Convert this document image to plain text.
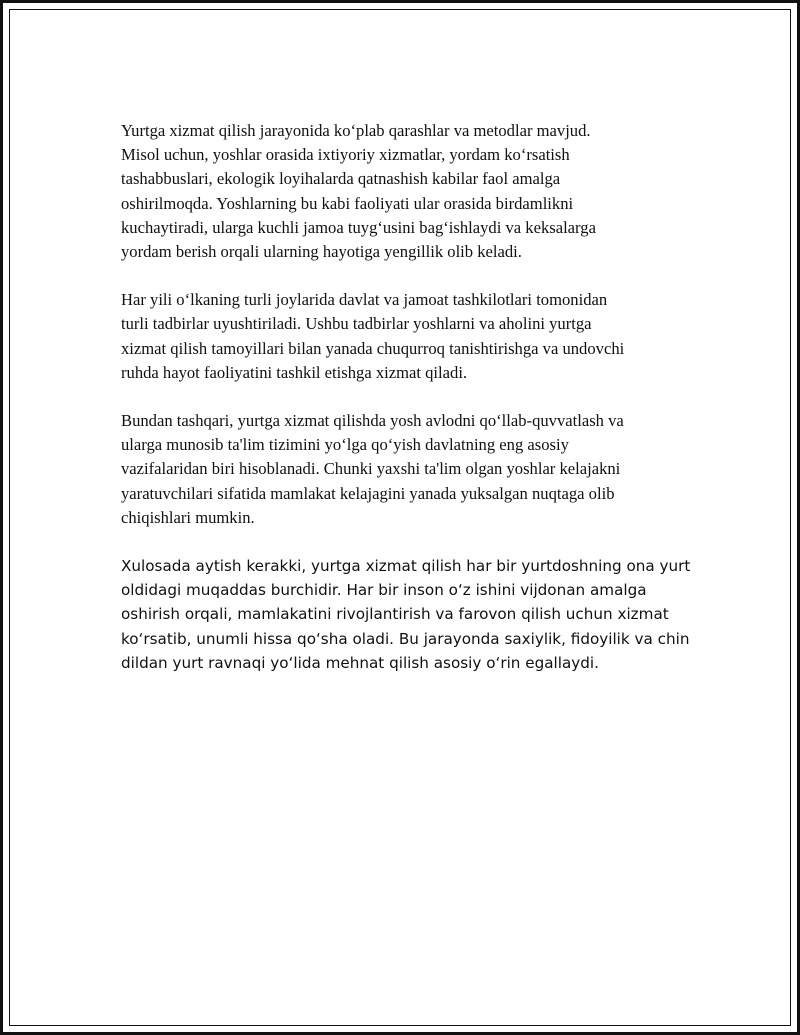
Yurtga xizmat qilish jarayonida ko‘plab qarashlar va metodlar mavjud.
Misol uchun, yoshlar orasida ixtiyoriy xizmatlar, yordam ko‘rsatish
tashabbuslari, ekologik loyihalarda qatnashish kabilar faol amalga
oshirilmoqda. Yoshlarning bu kabi faoliyati ular orasida birdamlikni
kuchaytiradi, ularga kuchli jamoa tuyg‘usini bag‘ishlaydi va keksalarga
yordam berish orqali ularning hayotiga yengillik olib keladi.

Har yili o‘lkaning turli joylarida davlat va jamoat tashkilotlari tomonidan
turli tadbirlar uyushtiriladi. Ushbu tadbirlar yoshlarni va aholini yurtga
xizmat qilish tamoyillari bilan yanada chuqurroq tanishtirishga va undovchi
ruhda hayot faoliyatini tashkil etishga xizmat qiladi.

Bundan tashqari, yurtga xizmat qilishda yosh avlodni qo‘llab-quvvatlash va
ularga munosib ta'lim tizimini yo‘lga qo‘yish davlatning eng asosiy
vazifalaridan biri hisoblanadi. Chunki yaxshi ta'lim olgan yoshlar kelajakni
yaratuvchilari sifatida mamlakat kelajagini yanada yuksalgan nuqtaga olib
chiqishlari mumkin.

Xulosada aytish kerakki, yurtga xizmat qilish har bir yurtdoshning ona yurt
oldidagi muqaddas burchidir. Har bir inson o‘z ishini vijdonan amalga
oshirish orqali, mamlakatini rivojlantirish va farovon qilish uchun xizmat
ko‘rsatib, unumli hissa qo‘sha oladi. Bu jarayonda saxiylik, fidoyilik va chin
dildan yurt ravnaqi yo‘lida mehnat qilish asosiy o‘rin egallaydi.
